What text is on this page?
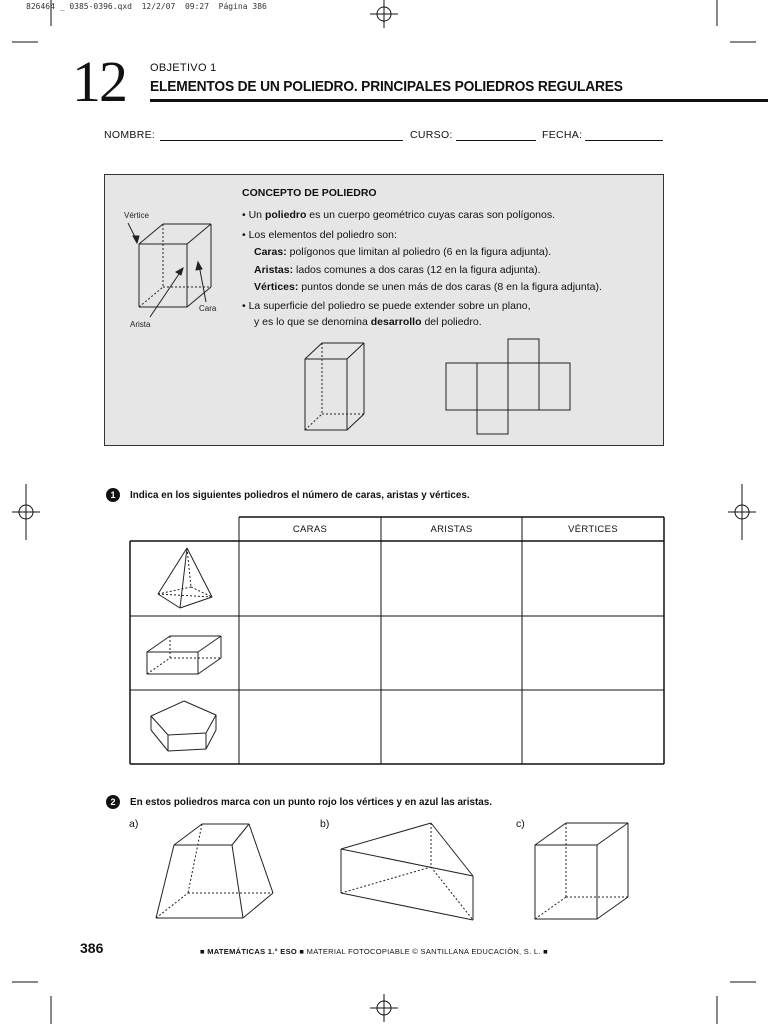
826464 _ 0385-0396.qxd  12/2/07  09:27  Página 386
12 OBJETIVO 1
ELEMENTOS DE UN POLIEDRO. PRINCIPALES POLIEDROS REGULARES
NOMBRE:	CURSO:	FECHA:
CONCEPTO DE POLIEDRO
• Un poliedro es un cuerpo geométrico cuyas caras son polígonos.
• Los elementos del poliedro son:
Caras: polígonos que limitan al poliedro (6 en la figura adjunta).
Aristas: lados comunes a dos caras (12 en la figura adjunta).
Vértices: puntos donde se unen más de dos caras (8 en la figura adjunta).
• La superficie del poliedro se puede extender sobre un plano,
y es lo que se denomina desarrollo del poliedro.
Vértice
Cara
Arista
1	Indica en los siguientes poliedros el número de caras, aristas y vértices.
CARAS	ARISTAS	VÉRTICES
2	En estos poliedros marca con un punto rojo los vértices y en azul las aristas.
a)	b)	c)
386	■ MATEMÁTICAS 1.° ESO ■ MATERIAL FOTOCOPIABLE © SANTILLANA EDUCACIÓN, S. L. ■
